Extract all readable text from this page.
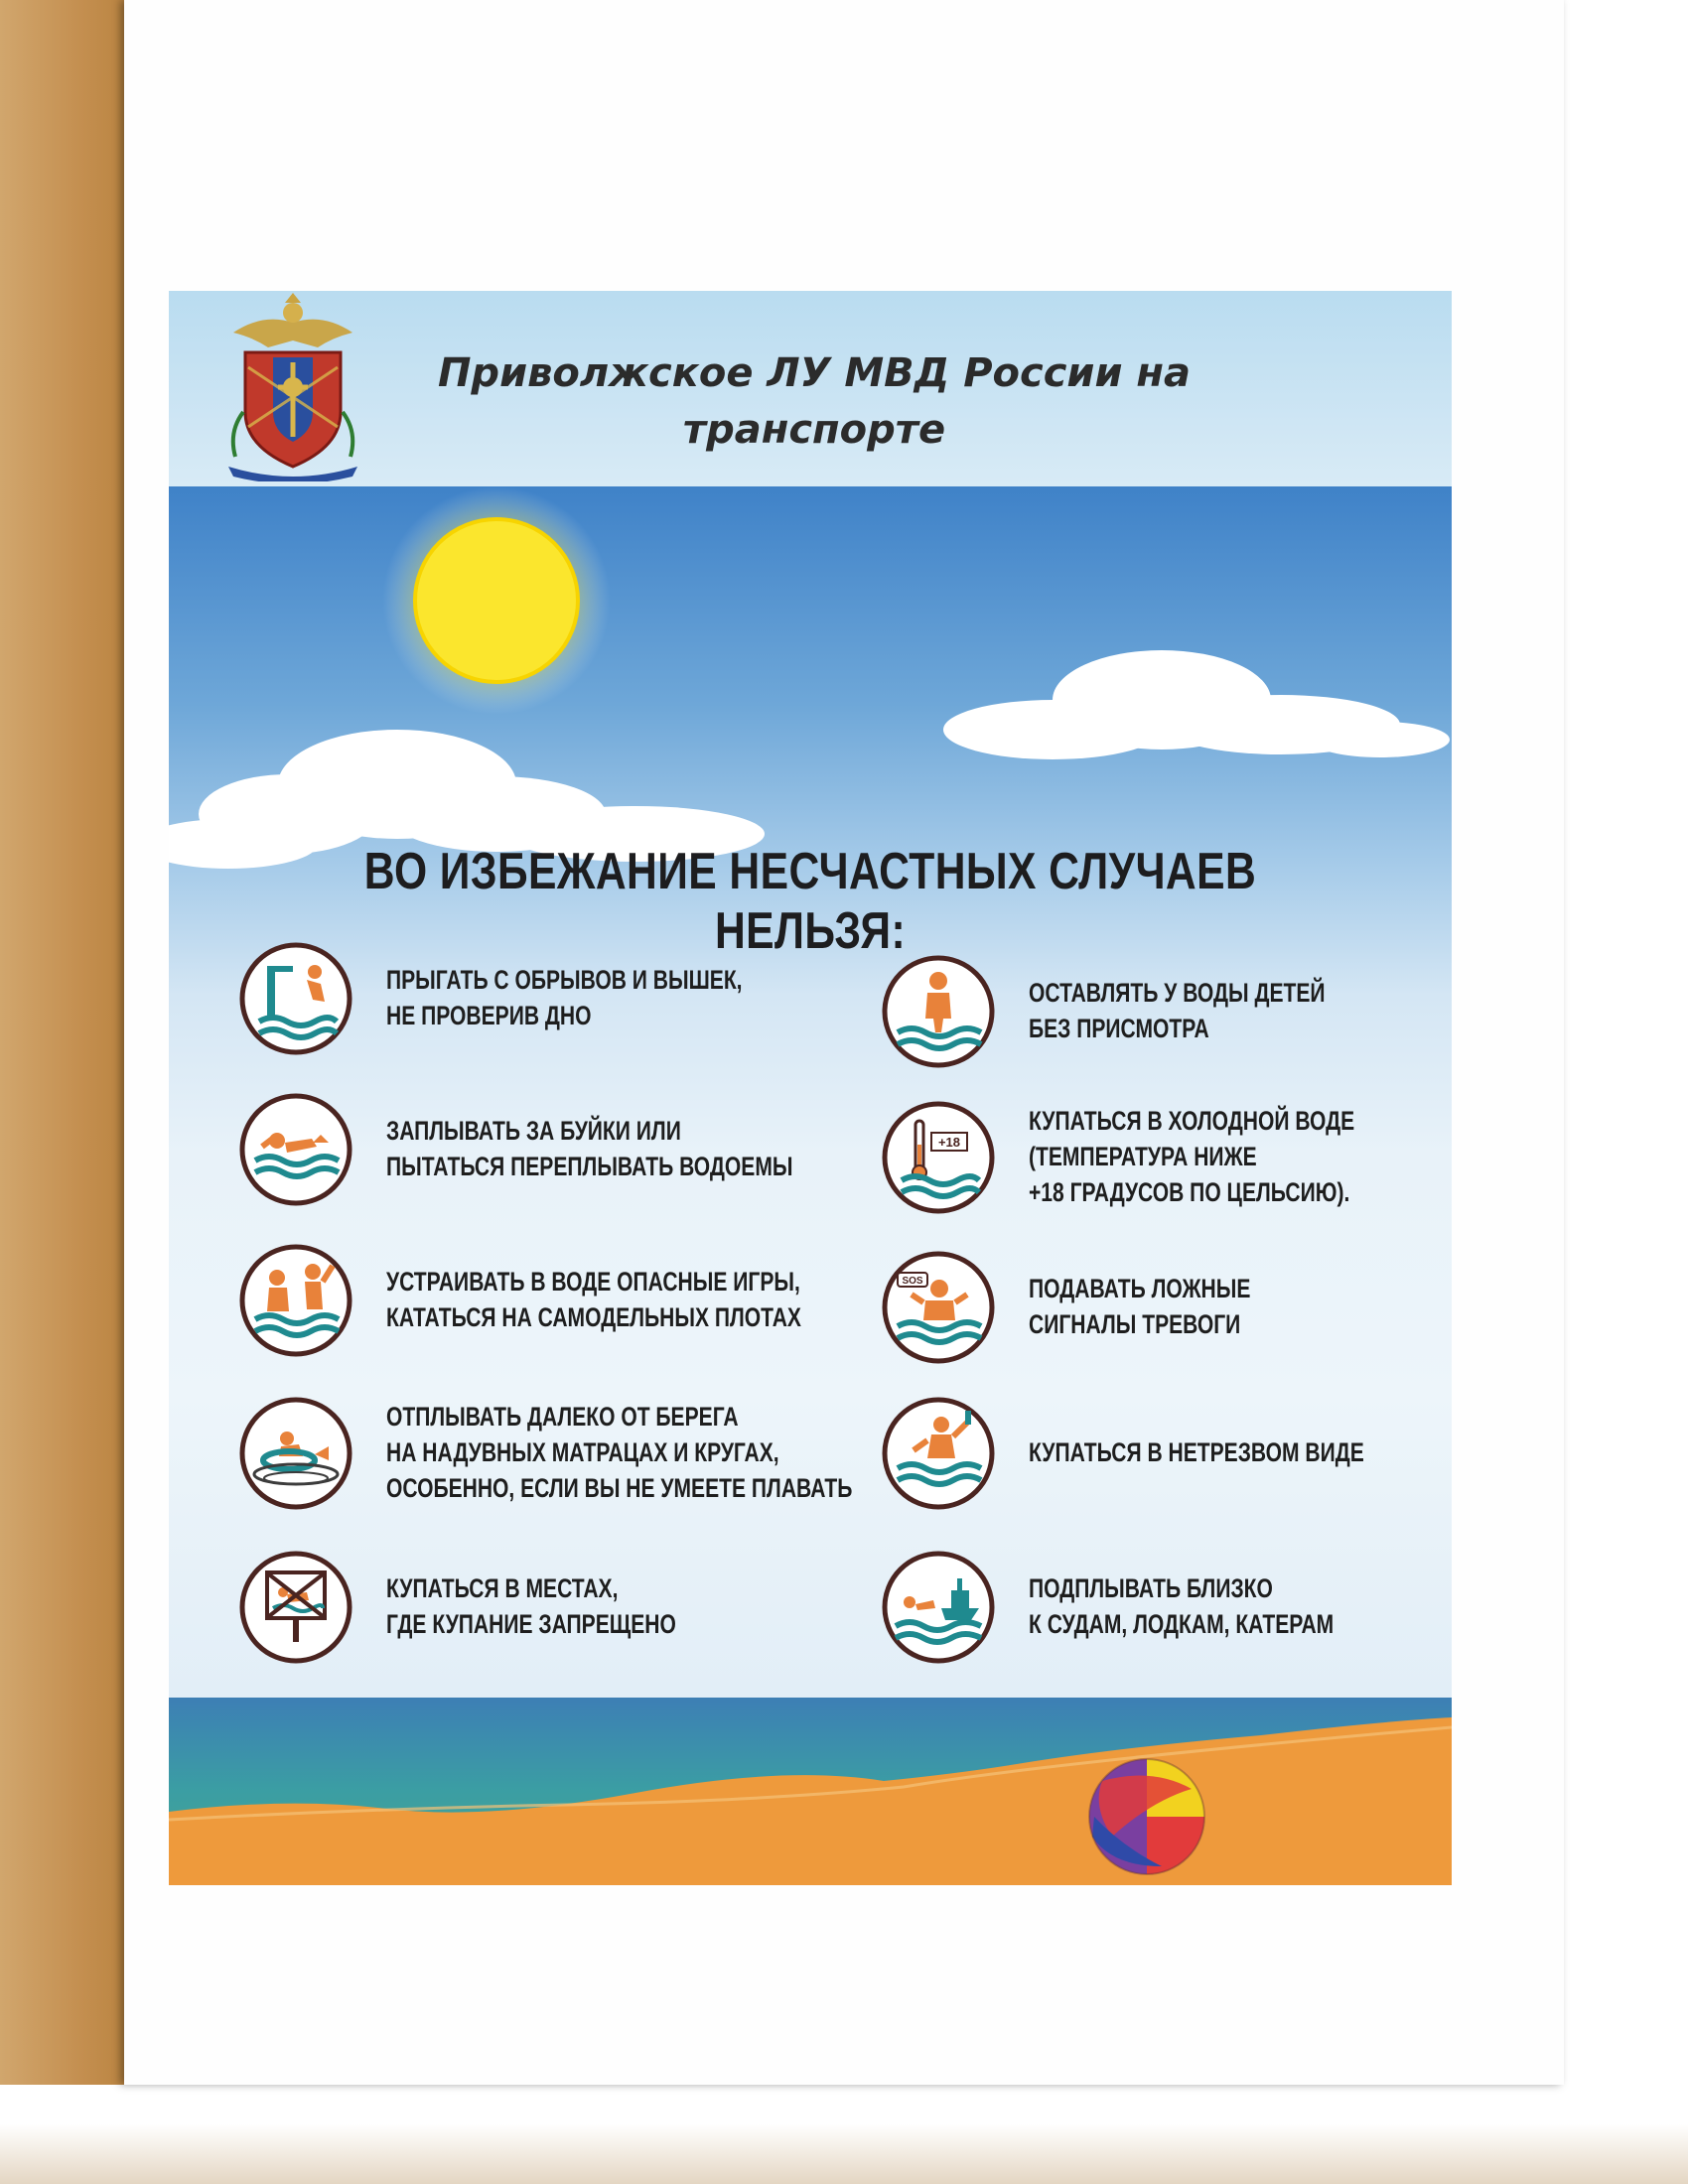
Приволжское ЛУ МВД России на транспорте
ВО ИЗБЕЖАНИЕ НЕСЧАСТНЫХ СЛУЧАЕВ НЕЛЬЗЯ:
ПРЫГАТЬ С ОБРЫВОВ И ВЫШЕК,
НЕ ПРОВЕРИВ ДНО
ЗАПЛЫВАТЬ ЗА БУЙКИ ИЛИ
ПЫТАТЬСЯ ПЕРЕПЛЫВАТЬ ВОДОЕМЫ
УСТРАИВАТЬ В ВОДЕ ОПАСНЫЕ ИГРЫ,
КАТАТЬСЯ НА САМОДЕЛЬНЫХ ПЛОТАХ
ОТПЛЫВАТЬ ДАЛЕКО ОТ БЕРЕГА
НА НАДУВНЫХ МАТРАЦАХ И КРУГАХ,
ОСОБЕННО, ЕСЛИ ВЫ НЕ УМЕЕТЕ ПЛАВАТЬ
КУПАТЬСЯ В МЕСТАХ,
ГДЕ КУПАНИЕ ЗАПРЕЩЕНО
ОСТАВЛЯТЬ У ВОДЫ ДЕТЕЙ
БЕЗ ПРИСМОТРА
+18
КУПАТЬСЯ В ХОЛОДНОЙ ВОДЕ
(ТЕМПЕРАТУРА НИЖЕ
+18 ГРАДУСОВ ПО ЦЕЛЬСИЮ).
SOS	ПОДАВАТЬ ЛОЖНЫЕ
СИГНАЛЫ ТРЕВОГИ
КУПАТЬСЯ В НЕТРЕЗВОМ ВИДЕ
ПОДПЛЫВАТЬ БЛИЗКО
К СУДАМ, ЛОДКАМ, КАТЕРАМ
